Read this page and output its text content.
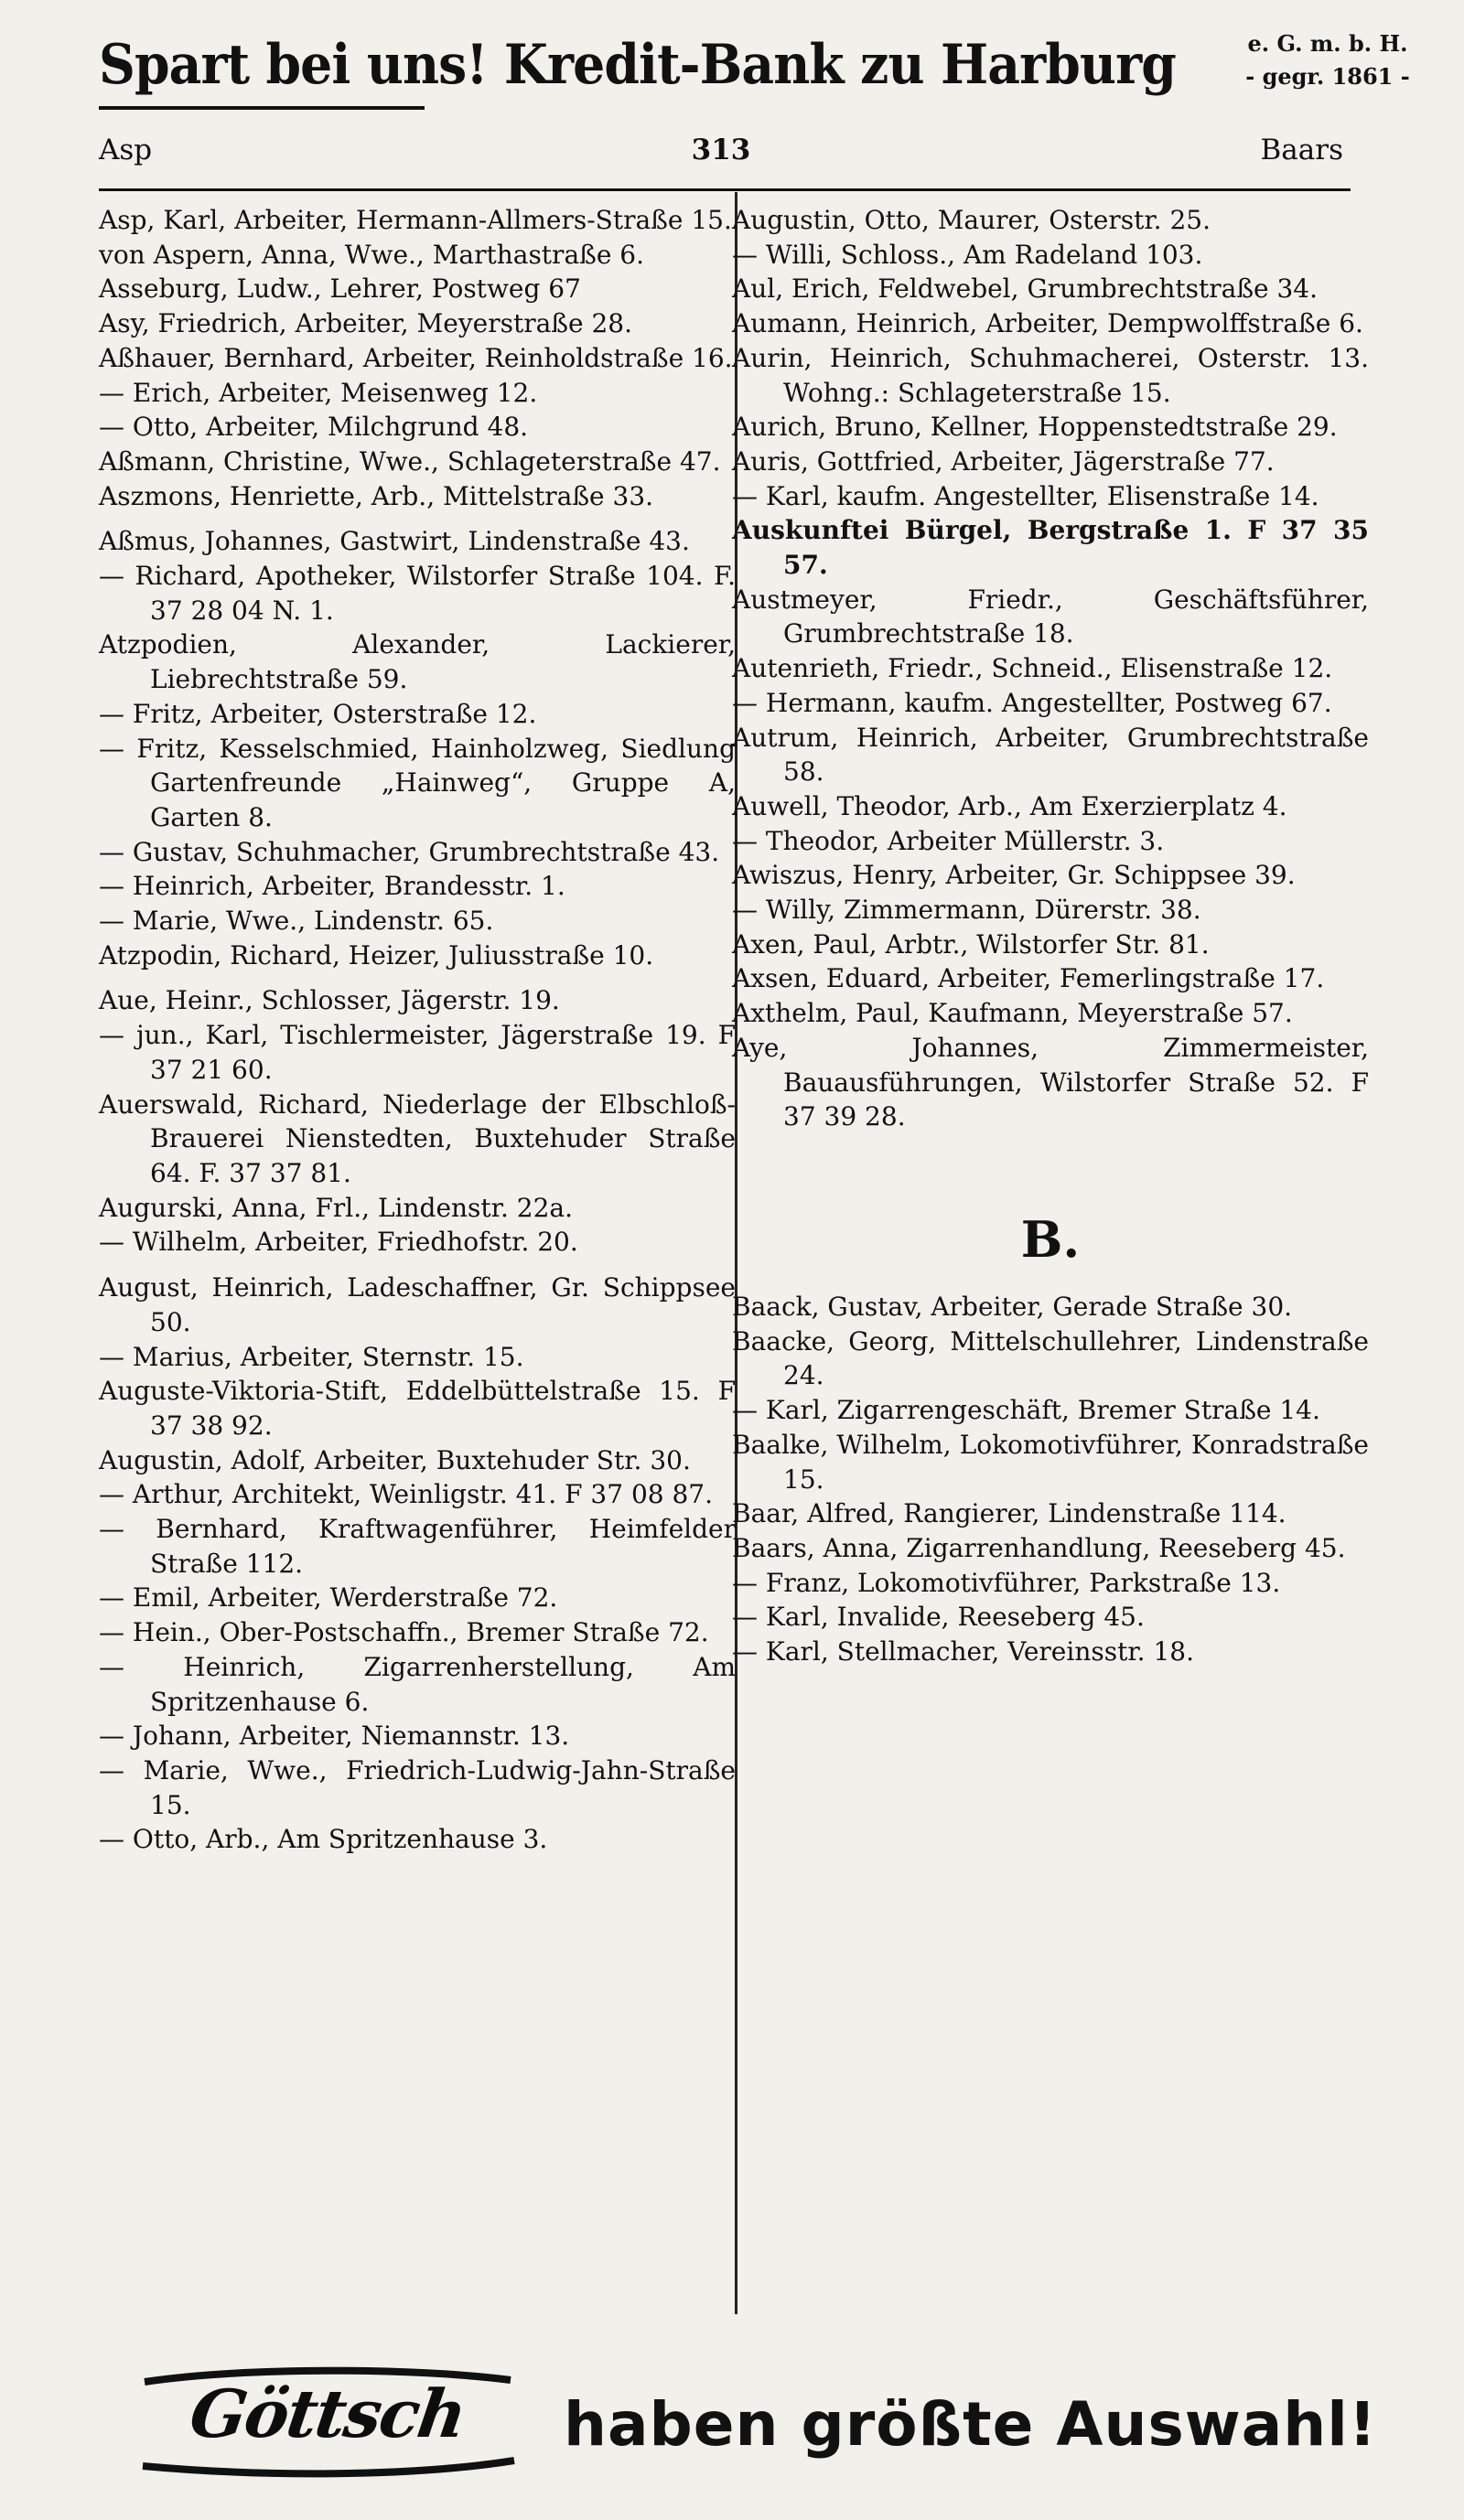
Spart bei uns! Kredit-Bank zu Harburg	e. G. m. b. H.
- gegr. 1861 -
Asp	313	Baars

Asp, Karl, Arbeiter, Hermann-Allmers-Straße 15.

von Aspern, Anna, Wwe., Marthastraße 6.

Asseburg, Ludw., Lehrer, Postweg 67

Asy, Friedrich, Arbeiter, Meyerstraße 28.

Aßhauer, Bernhard, Arbeiter, Reinholdstraße 16.

— Erich, Arbeiter, Meisenweg 12.

— Otto, Arbeiter, Milchgrund 48.

Aßmann, Christine, Wwe., Schlageterstraße 47.

Aszmons, Henriette, Arb., Mittelstraße 33.

Aßmus, Johannes, Gastwirt, Lindenstraße 43.

— Richard, Apotheker, Wilstorfer Straße 104. F. 37 28 04 N. 1.

Atzpodien, Alexander, Lackierer, Liebrechtstraße 59.

— Fritz, Arbeiter, Osterstraße 12.

— Fritz, Kesselschmied, Hainholzweg, Siedlung Gartenfreunde „Hainweg“, Gruppe A, Garten 8.

— Gustav, Schuhmacher, Grumbrechtstraße 43.

— Heinrich, Arbeiter, Brandesstr. 1.

— Marie, Wwe., Lindenstr. 65.

Atzpodin, Richard, Heizer, Juliusstraße 10.

Aue, Heinr., Schlosser, Jägerstr. 19.

— jun., Karl, Tischlermeister, Jägerstraße 19. F 37 21 60.

Auerswald, Richard, Niederlage der Elbschloß-Brauerei Nienstedten, Buxtehuder Straße 64. F. 37 37 81.

Augurski, Anna, Frl., Lindenstr. 22a.

— Wilhelm, Arbeiter, Friedhofstr. 20.

August, Heinrich, Ladeschaffner, Gr. Schippsee 50.

— Marius, Arbeiter, Sternstr. 15.

Auguste-Viktoria-Stift, Eddelbüttelstraße 15. F 37 38 92.

Augustin, Adolf, Arbeiter, Buxtehuder Str. 30.

— Arthur, Architekt, Weinligstr. 41. F 37 08 87.

— Bernhard, Kraftwagenführer, Heimfelder Straße 112.

— Emil, Arbeiter, Werderstraße 72.

— Hein., Ober-Postschaffn., Bremer Straße 72.

— Heinrich, Zigarrenherstellung, Am Spritzenhause 6.

— Johann, Arbeiter, Niemannstr. 13.

— Marie, Wwe., Friedrich-Ludwig-Jahn-Straße 15.

— Otto, Arb., Am Spritzenhause 3.

Augustin, Otto, Maurer, Osterstr. 25.

— Willi, Schloss., Am Radeland 103.

Aul, Erich, Feldwebel, Grumbrechtstraße 34.

Aumann, Heinrich, Arbeiter, Dempwolffstraße 6.

Aurin, Heinrich, Schuhmacherei, Osterstr. 13. Wohng.: Schlageterstraße 15.

Aurich, Bruno, Kellner, Hoppenstedtstraße 29.

Auris, Gottfried, Arbeiter, Jägerstraße 77.

— Karl, kaufm. Angestellter, Elisenstraße 14.

Auskunftei Bürgel, Bergstraße 1. F 37 35 57.

Austmeyer, Friedr., Geschäftsführer, Grumbrechtstraße 18.

Autenrieth, Friedr., Schneid., Elisenstraße 12.

— Hermann, kaufm. Angestellter, Postweg 67.

Autrum, Heinrich, Arbeiter, Grumbrechtstraße 58.

Auwell, Theodor, Arb., Am Exerzierplatz 4.

— Theodor, Arbeiter Müllerstr. 3.

Awiszus, Henry, Arbeiter, Gr. Schippsee 39.

— Willy, Zimmermann, Dürerstr. 38.

Axen, Paul, Arbtr., Wilstorfer Str. 81.

Axsen, Eduard, Arbeiter, Femerlingstraße 17.

Axthelm, Paul, Kaufmann, Meyerstraße 57.

Aye, Johannes, Zimmermeister, Bauausführungen, Wilstorfer Straße 52. F 37 39 28.

B.

Baack, Gustav, Arbeiter, Gerade Straße 30.

Baacke, Georg, Mittelschullehrer, Lindenstraße 24.

— Karl, Zigarrengeschäft, Bremer Straße 14.

Baalke, Wilhelm, Lokomotivführer, Konradstraße 15.

Baar, Alfred, Rangierer, Lindenstraße 114.

Baars, Anna, Zigarrenhandlung, Reeseberg 45.

— Franz, Lokomotivführer, Parkstraße 13.

— Karl, Invalide, Reeseberg 45.

— Karl, Stellmacher, Vereinsstr. 18.

Göttsch	haben größte Auswahl!
